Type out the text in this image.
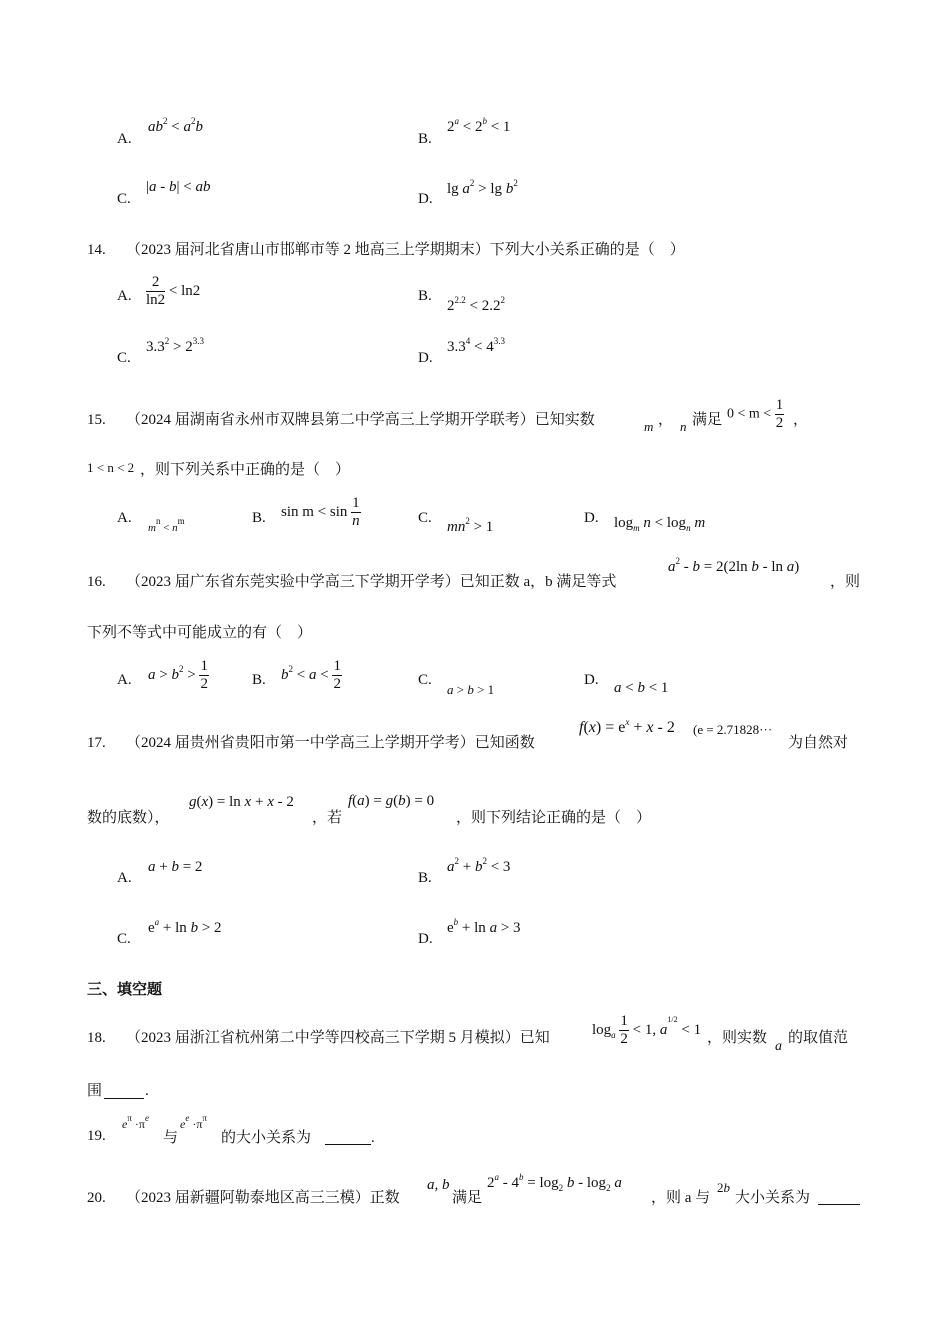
A.
$ab^2 < a^2b$
B.
$2^a < 2^b < 1$
C.
|a - b| < ab
D.
$\lg a^2 > \lg b^2$
14. （2023 届河北省唐山市邯郸市等 2 地高三上学期期末）下列大小关系正确的是（　）
A. $\frac{2}{\ln 2} < \ln 2$	B.
$2^{2.2} < 2.2^2$
C.
$3.3^2 > 2^{3.3}$
D.
$3.3^4 < 4^{3.3}$
15. （2024 届湖南省永州市双牌县第二中学高三上学期开学联考）已知实数	m ， n 满足 $0 < m < \frac{1}{2}$ ，
1 < n < 2 ，则下列关系中正确的是（　）
A.
$m^n < n^m$	B. $\sin m < \sin \frac{1}{n}$	C.
$mn^2 > 1$
D. $\log_m n < \log_n m$
16. （2023 届广东省东莞实验中学高三下学期开学考）已知正数 a，b 满足等式
$a^2 - b = 2(2\ln$ b - ln a)
，则
下列不等式中可能成立的有（　）
A. $a > b^2 > \frac{1}{2}$	B. $b^2 < a < \frac{1}{2}$	C.
a > b > 1
D. a < b < 1
17. （2024 届贵州省贵阳市第一中学高三上学期开学考）已知函数
$f(x) = e^x + x - 2$ (e = 2.71828···
为自然对
数的底数），
g(x) = ln x + x - 2
，若
f(a) = g(b) = 0
，则下列结论正确的是（　）
A.
a + b = 2
B.
$a^2 + b^2 < 3$
C.
$e^a + \ln b > 2$
D.
$e^b + \ln a > 3$
三、填空题
18. （2023 届浙江省杭州第二中学等四校高三下学期 5 月模拟）已知
$\log_a \frac{1}{2} < 1$, $a^{1/2} < 1$
，则实数
a
的取值范
围	.
19.
$e^\pi \cdot\pi^e$
与
$e^e \cdot\pi^\pi$
的大小关系为	.
20. （2023 届新疆阿勒泰地区高三三模）正数
a, b
满足
$2^a - 4^b = \log_2 b - \log_2 a$
，则 a 与
2b
大小关系为
